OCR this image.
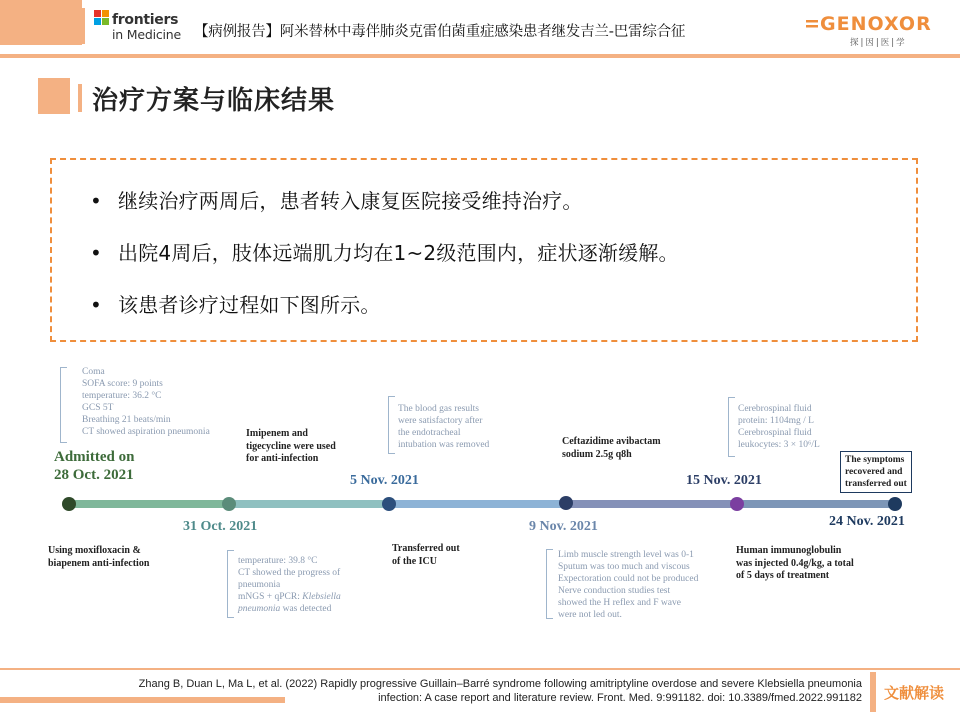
frontiers
in Medicine 【病例报告】阿米替林中毒伴肺炎克雷伯菌重症感染患者继发吉兰-巴雷综合征	GENOXOR
探|因|医|学
治疗方案与临床结果
• 继续治疗两周后，患者转入康复医院接受维持治疗。
• 出院4周后，肢体远端肌力均在1~2级范围内，症状逐渐缓解。
• 该患者诊疗过程如下图所示。
Admitted on
28 Oct. 2021
31 Oct. 2021
5 Nov. 2021
9 Nov. 2021
15 Nov. 2021
24 Nov. 2021
Coma
SOFA score: 9 points
temperature: 36.2 °C
GCS 5T
Breathing 21 beats/min
CT showed aspiration pneumonia
Using moxifloxacin &
biapenem anti-infection
Imipenem and
tigecycline were used
for anti-infection
temperature: 39.8 °C
CT showed the progress of
pneumonia
mNGS + qPCR: Klebsiella
pneumonia was detected
The blood gas results
were satisfactory after
the endotracheal
intubation was removed
Transferred out
of the ICU
Ceftazidime avibactam
sodium 2.5g q8h
Limb muscle strength level was 0-1
Sputum was too much and viscous
Expectoration could not be produced
Nerve conduction studies test
showed the H reflex and F wave
were not led out.
Cerebrospinal fluid
protein: 1104mg / L
Cerebrospinal fluid
leukocytes: 3 × 10⁶/L
Human immunoglobulin
was injected 0.4g/kg, a total
of 5 days of treatment
The symptoms
recovered and
transferred out
Zhang B, Duan L, Ma L, et al. (2022) Rapidly progressive Guillain–Barré syndrome following amitriptyline overdose and severe Klebsiella pneumonia
infection: A case report and literature review. Front. Med. 9:991182. doi: 10.3389/fmed.2022.991182 文献解读
